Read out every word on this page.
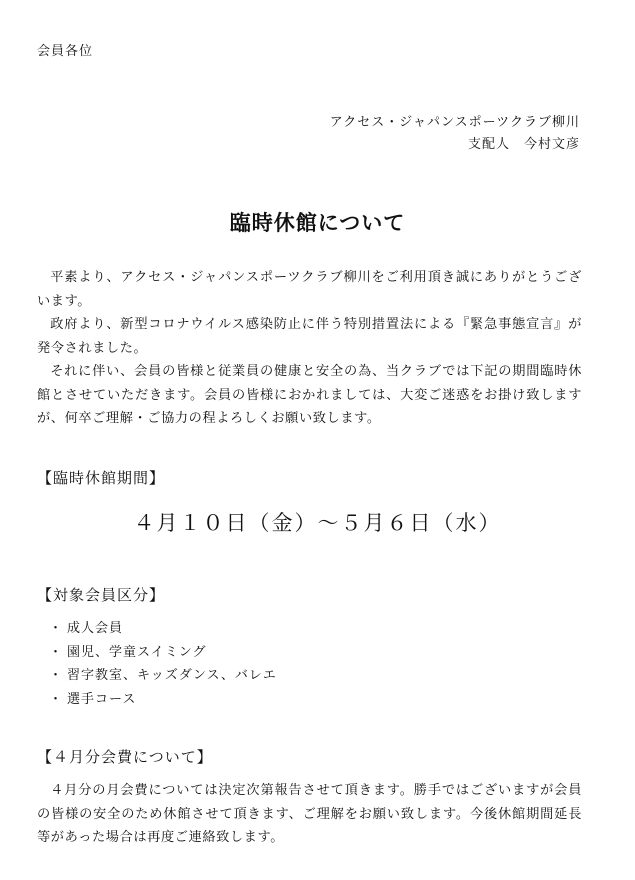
会員各位
アクセス・ジャパンスポーツクラブ柳川
支配人　今村文彦
臨時休館について

平素より、アクセス・ジャパンスポーツクラブ柳川をご利用頂き誠にありがとうございます。

政府より、新型コロナウイルス感染防止に伴う特別措置法による『緊急事態宣言』が発令されました。

それに伴い、会員の皆様と従業員の健康と安全の為、当クラブでは下記の期間臨時休館とさせていただきます。会員の皆様におかれましては、大変ご迷惑をお掛け致しますが、何卒ご理解・ご協力の程よろしくお願い致します。

【臨時休館期間】
４月１０日（金）～５月６日（水）
【対象会員区分】
・ 成人会員
・ 園児、学童スイミング
・ 習字教室、キッズダンス、バレエ
・ 選手コース
【４月分会費について】

４月分の月会費については決定次第報告させて頂きます。勝手ではございますが会員の皆様の安全のため休館させて頂きます、ご理解をお願い致します。今後休館期間延長等があった場合は再度ご連絡致します。
